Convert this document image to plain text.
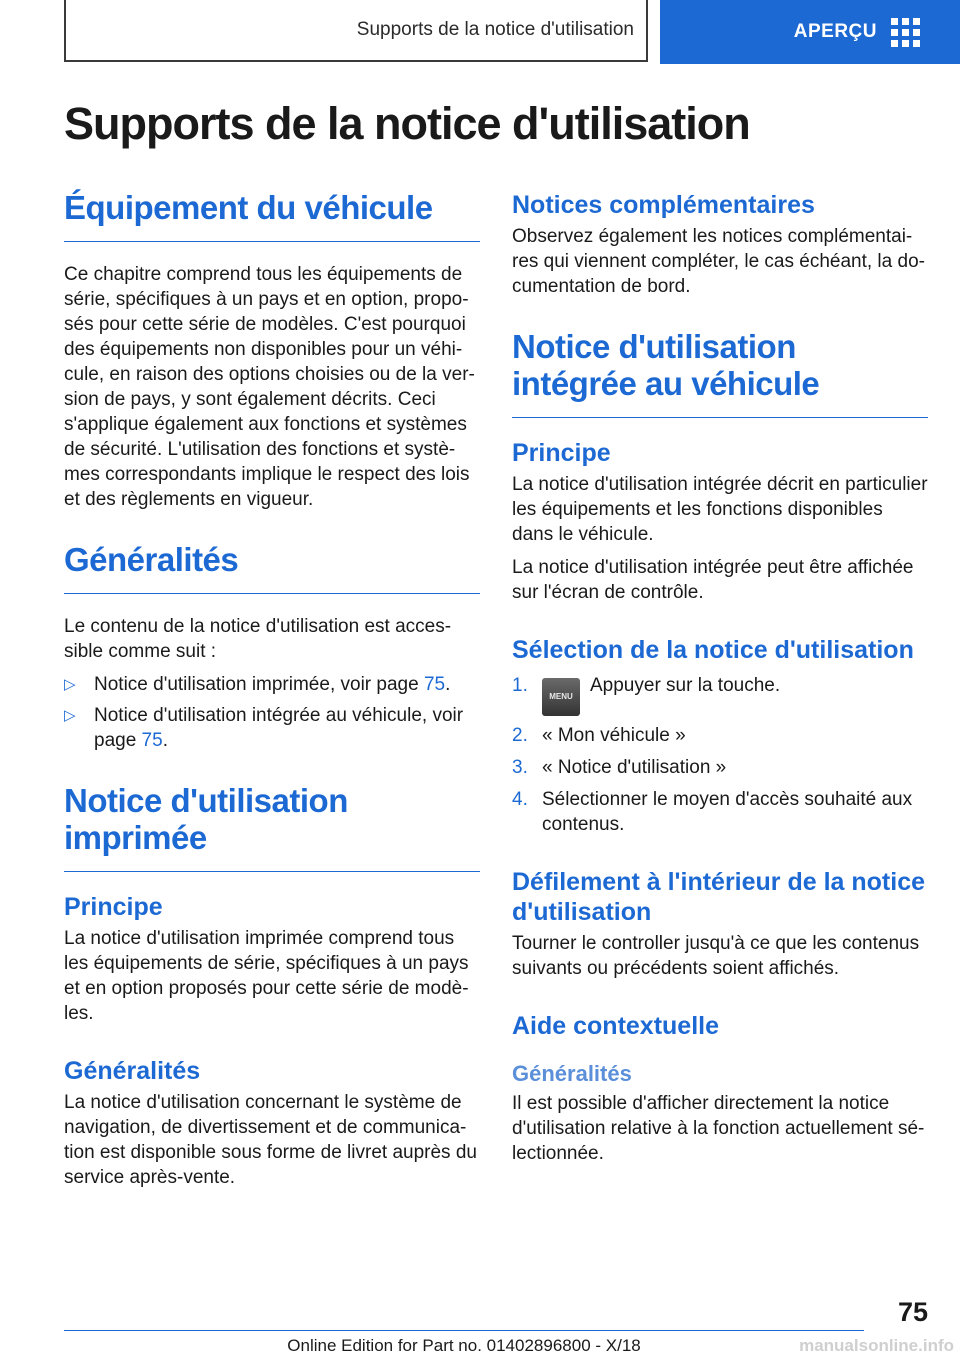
Supports de la notice d'utilisation	APERÇU
Supports de la notice d'utilisation
Équipement du véhicule

Ce chapitre comprend tous les équipements de série, spécifiques à un pays et en option, proposés pour cette série de modèles. C'est pourquoi des équipements non disponibles pour un véhicule, en raison des options choisies ou de la version de pays, y sont également décrits. Ceci s'applique également aux fonctions et systèmes de sécurité. L'utilisation des fonctions et systèmes correspondants implique le respect des lois et des règlements en vigueur.

Généralités

Le contenu de la notice d'utilisation est accessible comme suit :

▷ Notice d'utilisation imprimée, voir page 75.
▷ Notice d'utilisation intégrée au véhicule, voir page 75.
Notice d'utilisation imprimée
Principe

La notice d'utilisation imprimée comprend tous les équipements de série, spécifiques à un pays et en option proposés pour cette série de modèles.

Généralités

La notice d'utilisation concernant le système de navigation, de divertissement et de communication est disponible sous forme de livret auprès du service après-vente.

Notices complémentaires

Observez également les notices complémentaires qui viennent compléter, le cas échéant, la documentation de bord.

Notice d'utilisation intégrée au véhicule
Principe

La notice d'utilisation intégrée décrit en particulier les équipements et les fonctions disponibles dans le véhicule.

La notice d'utilisation intégrée peut être affichée sur l'écran de contrôle.

Sélection de la notice d'utilisation
1.
MENUAppuyer sur la touche.
2. « Mon véhicule »
3. « Notice d'utilisation »
4. Sélectionner le moyen d'accès souhaité aux contenus.
Défilement à l'intérieur de la notice d'utilisation

Tourner le controller jusqu'à ce que les contenus suivants ou précédents soient affichés.

Aide contextuelle
Généralités

Il est possible d'afficher directement la notice d'utilisation relative à la fonction actuellement sélectionnée.

75
Online Edition for Part no. 01402896800 - X/18	manualsonline.info
